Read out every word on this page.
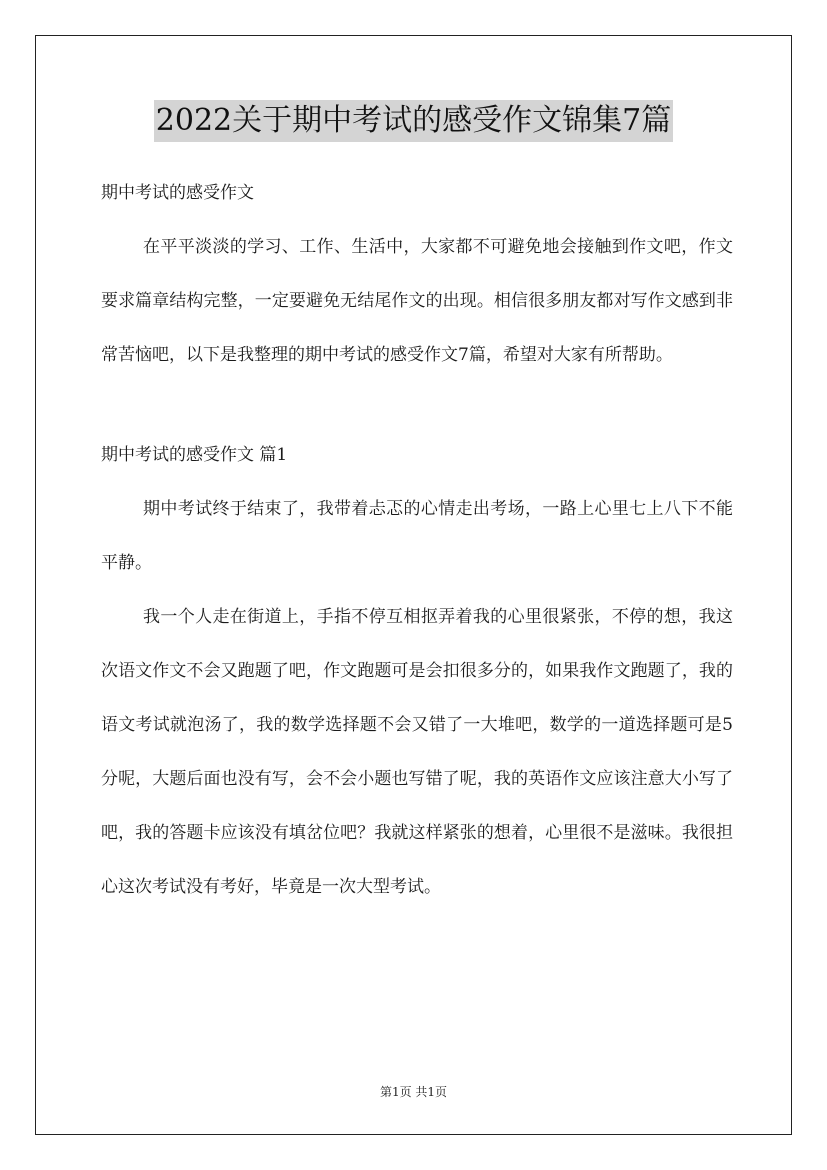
2022关于期中考试的感受作文锦集7篇

期中考试的感受作文

在平平淡淡的学习、工作、生活中，大家都不可避免地会接触到作文吧，作文要求篇章结构完整，一定要避免无结尾作文的出现。相信很多朋友都对写作文感到非常苦恼吧，以下是我整理的期中考试的感受作文7篇，希望对大家有所帮助。

期中考试的感受作文 篇1

期中考试终于结束了，我带着忐忑的心情走出考场，一路上心里七上八下不能平静。

我一个人走在街道上，手指不停互相抠弄着我的心里很紧张，不停的想，我这次语文作文不会又跑题了吧，作文跑题可是会扣很多分的，如果我作文跑题了，我的语文考试就泡汤了，我的数学选择题不会又错了一大堆吧，数学的一道选择题可是5分呢，大题后面也没有写，会不会小题也写错了呢，我的英语作文应该注意大小写了吧，我的答题卡应该没有填岔位吧？我就这样紧张的想着，心里很不是滋味。我很担心这次考试没有考好，毕竟是一次大型考试。

第1页 共1页
